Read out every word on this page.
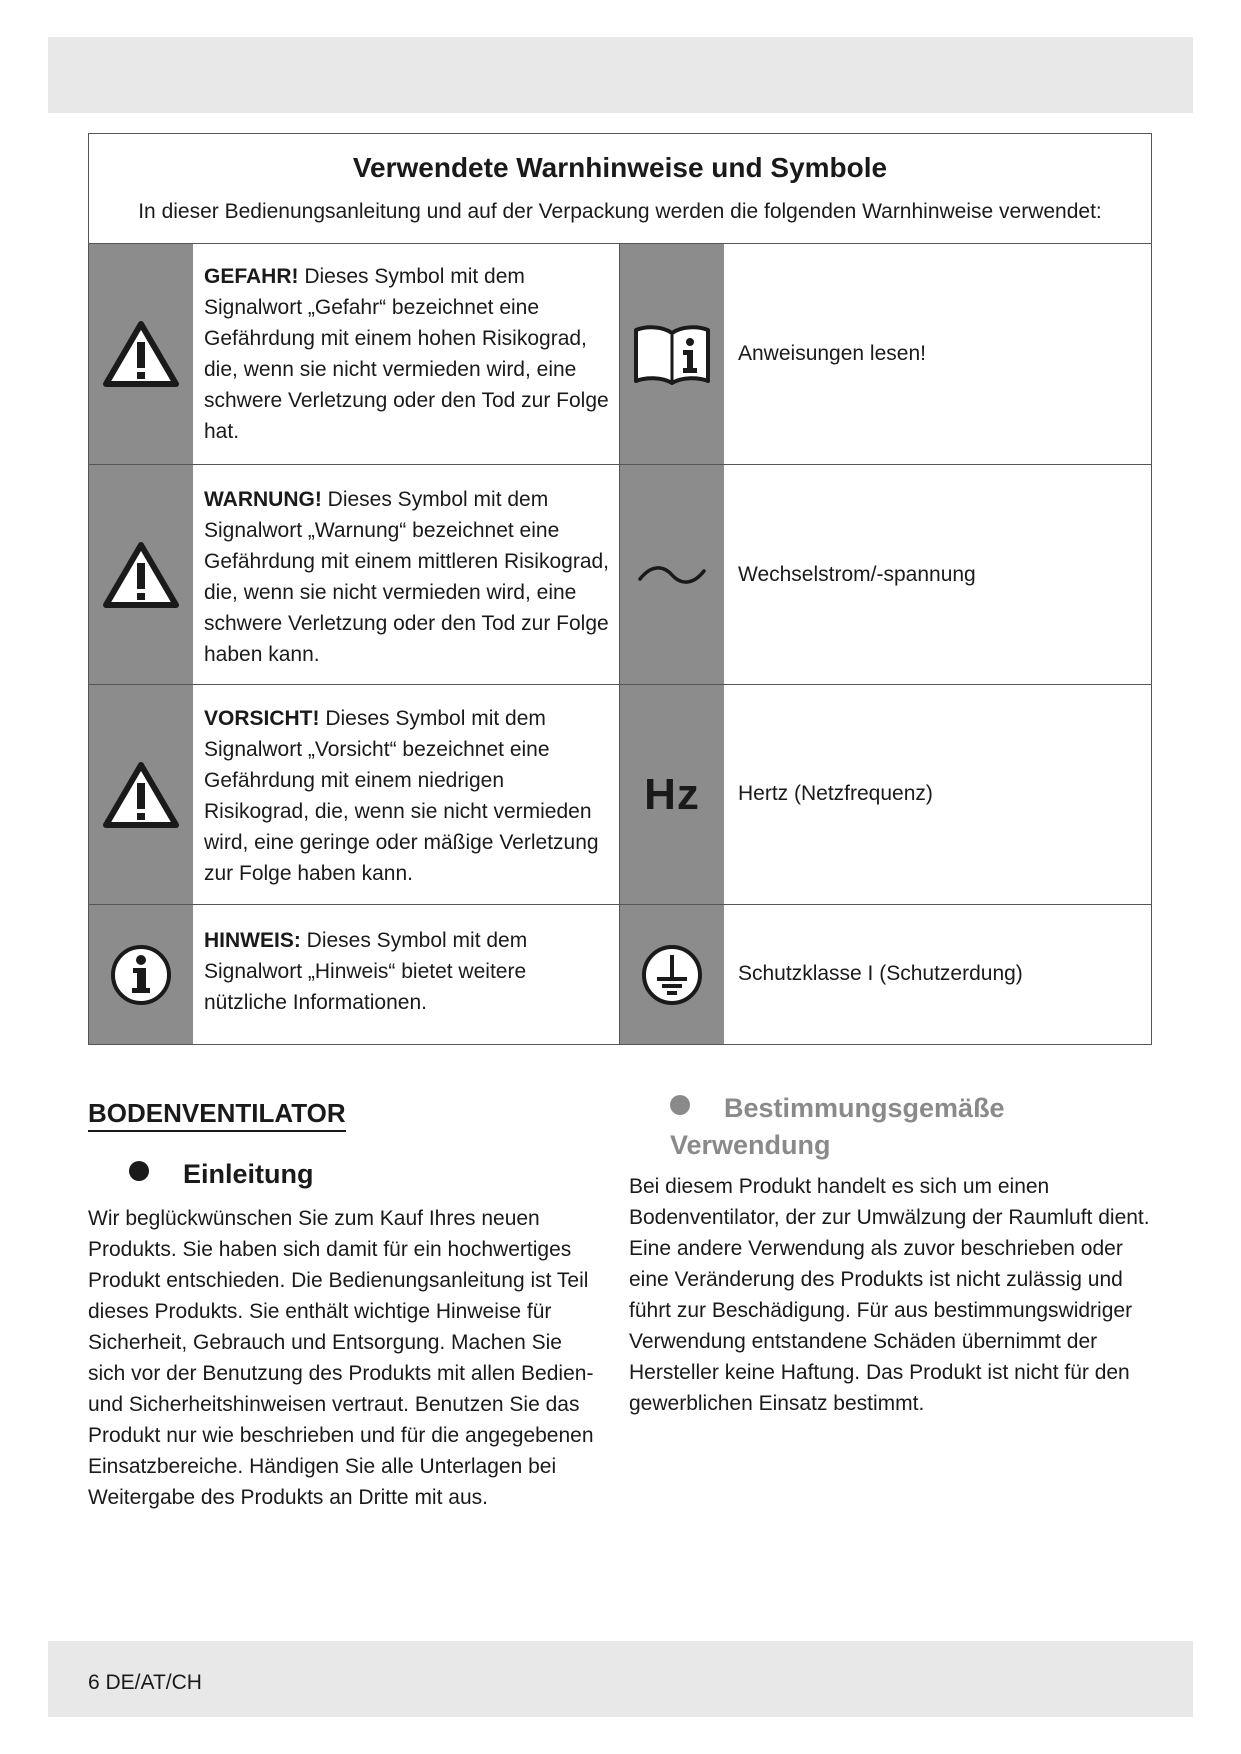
Verwendete Warnhinweise und Symbole
In dieser Bedienungsanleitung und auf der Verpackung werden die folgenden Warnhinweise verwendet:
GEFAHR! Dieses Symbol mit dem Signalwort „Gefahr“ bezeichnet eine Gefährdung mit einem hohen Risikograd, die, wenn sie nicht vermieden wird, eine schwere Verletzung oder den Tod zur Folge hat.
Anweisungen lesen!
WARNUNG! Dieses Symbol mit dem Signalwort „Warnung“ bezeichnet eine Gefährdung mit einem mittleren Risikograd, die, wenn sie nicht vermieden wird, eine schwere Verletzung oder den Tod zur Folge haben kann.
Wechselstrom/-spannung
VORSICHT! Dieses Symbol mit dem Signalwort „Vorsicht“ bezeichnet eine Gefährdung mit einem niedrigen Risikograd, die, wenn sie nicht vermieden wird, eine geringe oder mäßige Verletzung zur Folge haben kann.
Hz Hertz (Netzfrequenz)
HINWEIS: Dieses Symbol mit dem Signalwort „Hinweis“ bietet weitere nützliche Informationen.
Schutzklasse I (Schutzerdung)
BODENVENTILATOR
Einleitung
Wir beglückwünschen Sie zum Kauf Ihres neuen Produkts. Sie haben sich damit für ein hochwertiges Produkt entschieden. Die Bedienungsanleitung ist Teil dieses Produkts. Sie enthält wichtige Hinweise für Sicherheit, Gebrauch und Entsorgung. Machen Sie sich vor der Benutzung des Produkts mit allen Bedien- und Sicherheitshinweisen vertraut. Benutzen Sie das Produkt nur wie beschrieben und für die angegebenen Einsatzbereiche. Händigen Sie alle Unterlagen bei Weitergabe des Produkts an Dritte mit aus.
Bestimmungsgemäße
Verwendung
Bei diesem Produkt handelt es sich um einen Bodenventilator, der zur Umwälzung der Raumluft dient. Eine andere Verwendung als zuvor beschrieben oder eine Veränderung des Produkts ist nicht zulässig und führt zur Beschädigung. Für aus bestimmungswidriger Verwendung entstandene Schäden übernimmt der Hersteller keine Haftung. Das Produkt ist nicht für den gewerblichen Einsatz bestimmt.
6 DE/AT/CH
